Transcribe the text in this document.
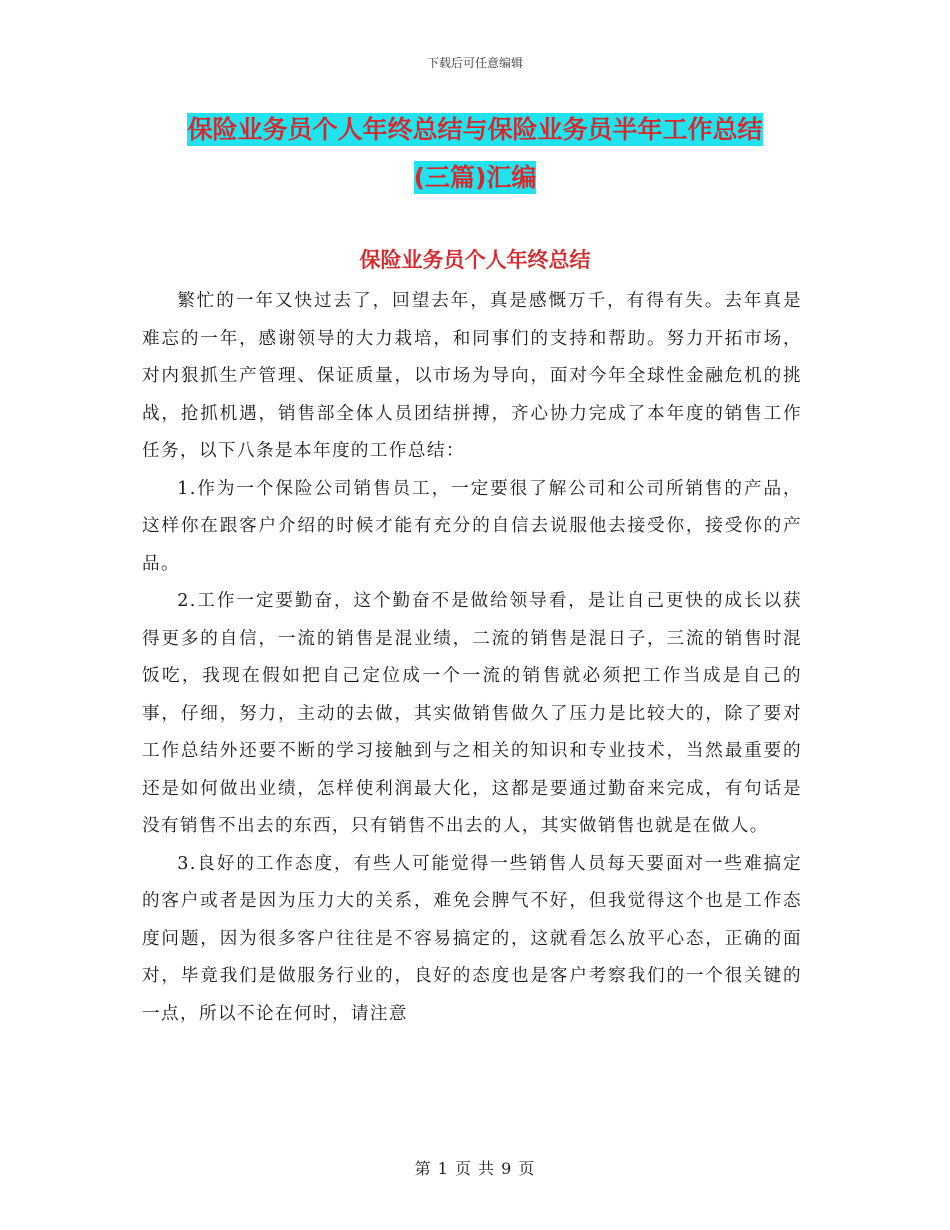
下载后可任意编辑
保险业务员个人年终总结与保险业务员半年工作总结
(三篇)汇编
保险业务员个人年终总结

繁忙的一年又快过去了，回望去年，真是感慨万千，有得有失。去年真是难忘的一年，感谢领导的大力栽培，和同事们的支持和帮助。努力开拓市场，对内狠抓生产管理、保证质量，以市场为导向，面对今年全球性金融危机的挑战，抢抓机遇，销售部全体人员团结拼搏，齐心协力完成了本年度的销售工作任务，以下八条是本年度的工作总结：

1.作为一个保险公司销售员工，一定要很了解公司和公司所销售的产品，这样你在跟客户介绍的时候才能有充分的自信去说服他去接受你，接受你的产品。

2.工作一定要勤奋，这个勤奋不是做给领导看，是让自己更快的成长以获得更多的自信，一流的销售是混业绩，二流的销售是混日子，三流的销售时混饭吃，我现在假如把自己定位成一个一流的销售就必须把工作当成是自己的事，仔细，努力，主动的去做，其实做销售做久了压力是比较大的，除了要对工作总结外还要不断的学习接触到与之相关的知识和专业技术，当然最重要的还是如何做出业绩，怎样使利润最大化，这都是要通过勤奋来完成，有句话是没有销售不出去的东西，只有销售不出去的人，其实做销售也就是在做人。

3.良好的工作态度，有些人可能觉得一些销售人员每天要面对一些难搞定的客户或者是因为压力大的关系，难免会脾气不好，但我觉得这个也是工作态度问题，因为很多客户往往是不容易搞定的，这就看怎么放平心态，正确的面对，毕竟我们是做服务行业的，良好的态度也是客户考察我们的一个很关键的一点，所以不论在何时，请注意

第 1 页 共 9 页
